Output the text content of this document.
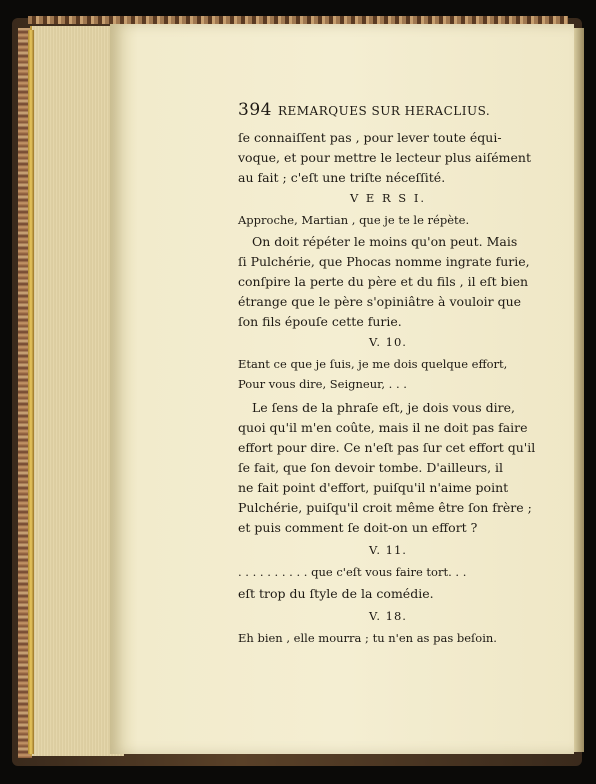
394 REMARQUES SUR HERACLIUS.
ſe connaiſſent pas , pour lever toute équi-
voque, et pour mettre le lecteur plus aiſément
au fait ; c'eſt une triſte néceſſité.
V E R S I.
Approche, Martian , que je te le répète.
On doit répéter le moins qu'on peut. Mais
ſi Pulchérie, que Phocas nomme ingrate furie,
conſpire la perte du père et du fils , il eſt bien
étrange que le père s'opiniâtre à vouloir que
ſon fils épouſe cette furie.
V. 10.
Etant ce que je ſuis, je me dois quelque effort,
Pour vous dire, Seigneur, . . .
Le ſens de la phraſe eſt, je dois vous dire,
quoi qu'il m'en coûte, mais il ne doit pas faire
effort pour dire. Ce n'eſt pas ſur cet effort qu'il
ſe fait, que ſon devoir tombe. D'ailleurs, il
ne fait point d'effort, puiſqu'il n'aime point
Pulchérie, puiſqu'il croit même être ſon frère ;
et puis comment ſe doit-on un effort ?
V. 11.
. . . . . . . . . . que c'eſt vous faire tort. . .
eſt trop du ſtyle de la comédie.
V. 18.
Eh bien , elle mourra ; tu n'en as pas beſoin.
